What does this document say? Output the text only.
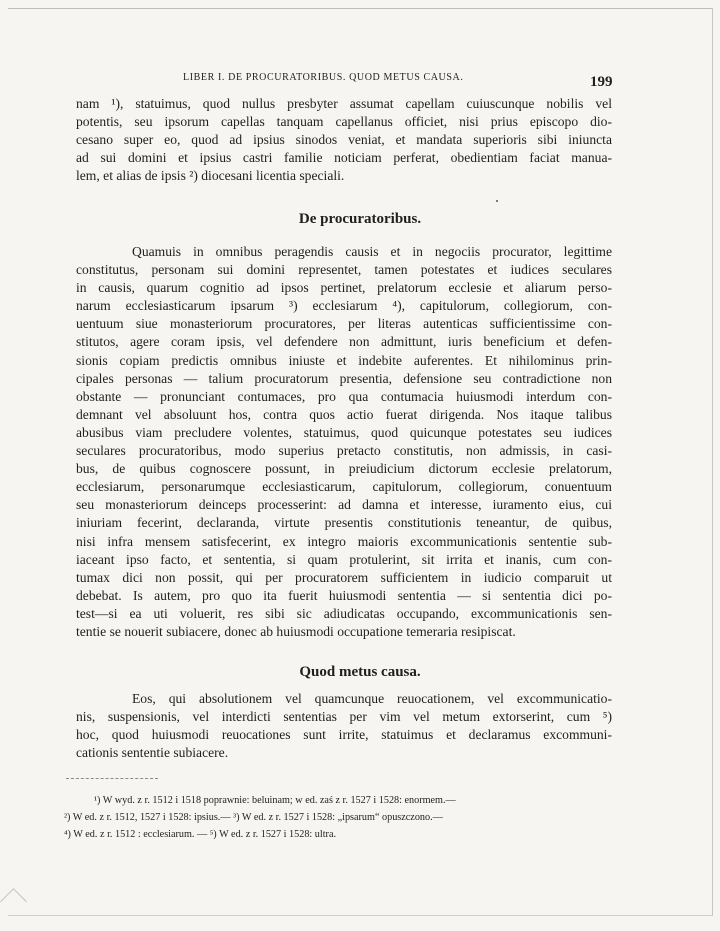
LIBER I. DE PROCURATORIBUS. QUOD METUS CAUSA.	199
nam ¹), statuimus, quod nullus presbyter assumat capellam cuiuscunque nobilis vel
potentis, seu ipsorum capellas tanquam capellanus officiet, nisi prius episcopo dio-
cesano super eo, quod ad ipsius sinodos veniat, et mandata superioris sibi iniuncta
ad sui domini et ipsius castri familie noticiam perferat, obedientiam faciat manua-
lem, et alias de ipsis ²) diocesani licentia speciali.
De procuratoribus.
Quamuis in omnibus peragendis causis et in negociis procurator, legittime
constitutus, personam sui domini representet, tamen potestates et iudices seculares
in causis, quarum cognitio ad ipsos pertinet, prelatorum ecclesie et aliarum perso-
narum ecclesiasticarum ipsarum ³) ecclesiarum ⁴), capitulorum, collegiorum, con-
uentuum siue monasteriorum procuratores, per literas autenticas sufficientissime con-
stitutos, agere coram ipsis, vel defendere non admittunt, iuris beneficium et defen-
sionis copiam predictis omnibus iniuste et indebite auferentes. Et nihilominus prin-
cipales personas — talium procuratorum presentia, defensione seu contradictione non
obstante — pronunciant contumaces, pro qua contumacia huiusmodi interdum con-
demnant vel absoluunt hos, contra quos actio fuerat dirigenda. Nos itaque talibus
abusibus viam precludere volentes, statuimus, quod quicunque potestates seu iudices
seculares procuratoribus, modo superius pretacto constitutis, non admissis, in casi-
bus, de quibus cognoscere possunt, in preiudicium dictorum ecclesie prelatorum,
ecclesiarum, personarumque ecclesiasticarum, capitulorum, collegiorum, conuentuum
seu monasteriorum deinceps processerint: ad damna et interesse, iuramento eius, cui
iniuriam fecerint, declaranda, virtute presentis constitutionis teneantur, de quibus,
nisi infra mensem satisfecerint, ex integro maioris excommunicationis sententie sub-
iaceant ipso facto, et sententia, si quam protulerint, sit irrita et inanis, cum con-
tumax dici non possit, qui per procuratorem sufficientem in iudicio comparuit ut
debebat. Is autem, pro quo ita fuerit huiusmodi sententia — si sententia dici po-
test—si ea uti voluerit, res sibi sic adiudicatas occupando, excommunicationis sen-
tentie se nouerit subiacere, donec ab huiusmodi occupatione temeraria resipiscat.
Quod metus causa.
Eos, qui absolutionem vel quamcunque reuocationem, vel excommunicatio-
nis, suspensionis, vel interdicti sententias per vim vel metum extorserint, cum ⁵)
hoc, quod huiusmodi reuocationes sunt irrite, statuimus et declaramus excommuni-
cationis sententie subiacere.
¹) W wyd. z r. 1512 i 1518 poprawnie: beluinam; w ed. zaś z r. 1527 i 1528: enormem.—
²) W ed. z r. 1512, 1527 i 1528: ipsius.— ³) W ed. z r. 1527 i 1528: „ipsarum“ opuszczono.—
⁴) W ed. z r. 1512 : ecclesiarum. — ⁵) W ed. z r. 1527 i 1528: ultra.
